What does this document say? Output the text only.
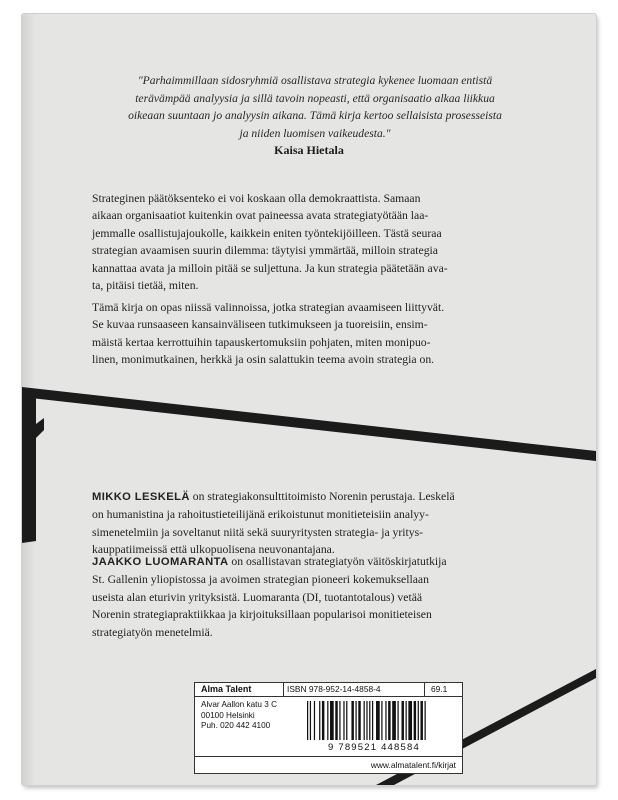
"Parhaimmillaan sidosryhmiä osallistava strategia kykenee luomaan entistä
terävämpää analyysia ja sillä tavoin nopeasti, että organisaatio alkaa liikkua
oikeaan suuntaan jo analyysin aikana. Tämä kirja kertoo sellaisista prosesseista
ja niiden luomisen vaikeudesta."
Kaisa Hietala
Strateginen päätöksenteko ei voi koskaan olla demokraattista. Samaan
aikaan organisaatiot kuitenkin ovat paineessa avata strategiatyötään laa-
jemmalle osallistujajoukolle, kaikkein eniten työntekijöilleen. Tästä seuraa
strategian avaamisen suurin dilemma: täytyisi ymmärtää, milloin strategia
kannattaa avata ja milloin pitää se suljettuna. Ja kun strategia päätetään ava-
ta, pitäisi tietää, miten.
Tämä kirja on opas niissä valinnoissa, jotka strategian avaamiseen liittyvät.
Se kuvaa runsaaseen kansainväliseen tutkimukseen ja tuoreisiin, ensim-
mäistä kertaa kerrottuihin tapauskertomuksiin pohjaten, miten monipuo-
linen, monimutkainen, herkkä ja osin salattukin teema avoin strategia on.
MIKKO LESKELÄ on strategiakonsulttitoimisto Norenin perustaja. Leskelä
on humanistina ja rahoitustieteilijänä erikoistunut monitieteisiin analyy-
simenetelmiin ja soveltanut niitä sekä suuryritysten strategia- ja yritys-
kauppatiimeissä että ulkopuolisena neuvonantajana.
JAAKKO LUOMARANTA on osallistavan strategiatyön väitöskirjatutkija
St. Gallenin yliopistossa ja avoimen strategian pioneeri kokemuksellaan
useista alan eturivin yrityksistä. Luomaranta (DI, tuotantotalous) vetää
Norenin strategiapraktiikkaa ja kirjoituksillaan popularisoi monitieteisen
strategiatyön menetelmiä.
Alma Talent	ISBN 978-952-14-4858-4	69.1
Alvar Aallon katu 3 C
00100 Helsinki
Puh. 020 442 4100
9 789521 448584
www.almatalent.fi/kirjat
